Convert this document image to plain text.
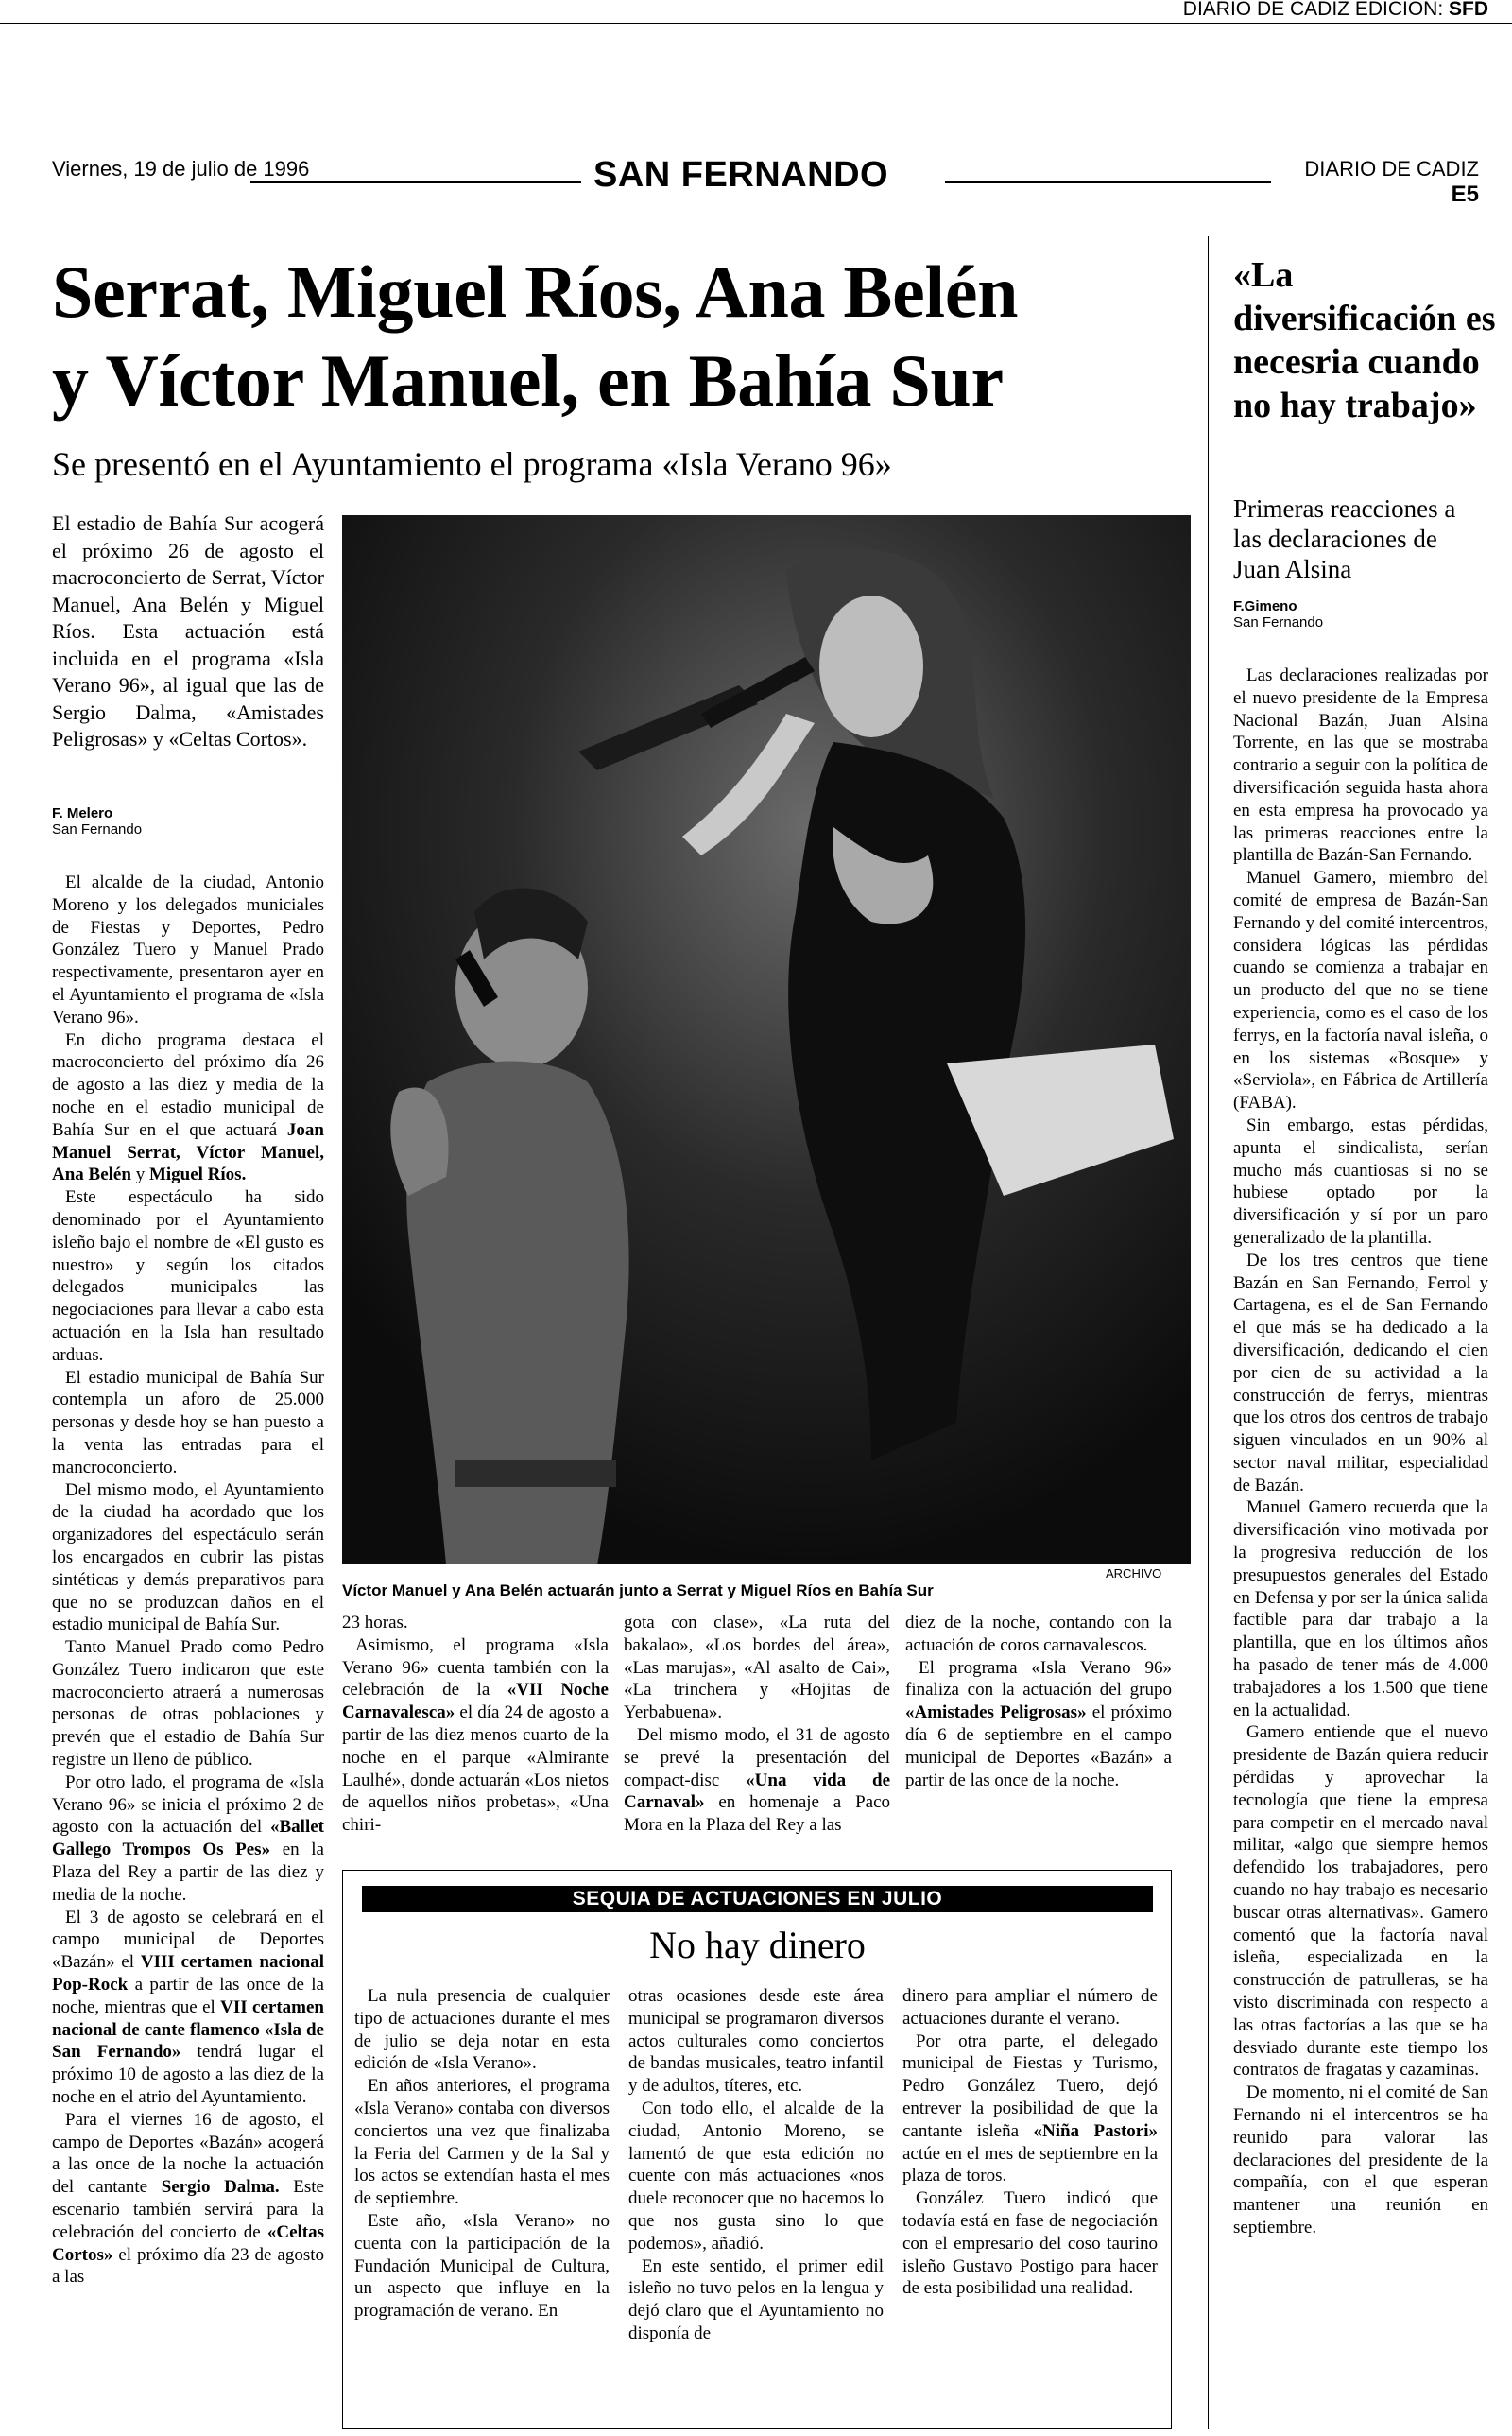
DIARIO DE CADIZ EDICION: SFD
Viernes, 19 de julio de 1996	SAN FERNANDO	DIARIO DE CADIZ E5
Serrat, Miguel Ríos, Ana Belén
y Víctor Manuel, en Bahía Sur
Se presentó en el Ayuntamiento el programa «Isla Verano 96»
El estadio de Bahía Sur acogerá el próximo 26 de agosto el macroconcierto de Serrat, Víctor Manuel, Ana Belén y Miguel Ríos. Esta actuación está incluida en el programa «Isla Verano 96», al igual que las de Sergio Dalma, «Amistades Peligrosas» y «Celtas Cortos».
F. Melero
San Fernando

El alcalde de la ciudad, Antonio Moreno y los delegados municiales de Fiestas y Deportes, Pedro González Tuero y Manuel Prado respectivamente, presentaron ayer en el Ayuntamiento el programa de «Isla Verano 96».

En dicho programa destaca el macroconcierto del próximo día 26 de agosto a las diez y media de la noche en el estadio municipal de Bahía Sur en el que actuará Joan Manuel Serrat, Víctor Manuel, Ana Belén y Miguel Ríos.

Este espectáculo ha sido denominado por el Ayuntamiento isleño bajo el nombre de «El gusto es nuestro» y según los citados delegados municipales las negociaciones para llevar a cabo esta actuación en la Isla han resultado arduas.

El estadio municipal de Bahía Sur contempla un aforo de 25.000 personas y desde hoy se han puesto a la venta las entradas para el mancroconcierto.

Del mismo modo, el Ayuntamiento de la ciudad ha acordado que los organizadores del espectáculo serán los encargados en cubrir las pistas sintéticas y demás preparativos para que no se produzcan daños en el estadio municipal de Bahía Sur.

Tanto Manuel Prado como Pedro González Tuero indicaron que este macroconcierto atraerá a numerosas personas de otras poblaciones y prevén que el estadio de Bahía Sur registre un lleno de público.

Por otro lado, el programa de «Isla Verano 96» se inicia el próximo 2 de agosto con la actuación del «Ballet Gallego Trompos Os Pes» en la Plaza del Rey a partir de las diez y media de la noche.

El 3 de agosto se celebrará en el campo municipal de Deportes «Bazán» el VIII certamen nacional Pop-Rock a partir de las once de la noche, mientras que el VII certamen nacional de cante flamenco «Isla de San Fernando» tendrá lugar el próximo 10 de agosto a las diez de la noche en el atrio del Ayuntamiento.

Para el viernes 16 de agosto, el campo de Deportes «Bazán» acogerá a las once de la noche la actuación del cantante Sergio Dalma. Este escenario también servirá para la celebración del concierto de «Celtas Cortos» el próximo día 23 de agosto a las

ARCHIVO
Víctor Manuel y Ana Belén actuarán junto a Serrat y Miguel Ríos en Bahía Sur

23 horas.

Asimismo, el programa «Isla Verano 96» cuenta también con la celebración de la «VII Noche Carnavalesca» el día 24 de agosto a partir de las diez menos cuarto de la noche en el parque «Almirante Laulhé», donde actuarán «Los nietos de aquellos niños probetas», «Una chiri-

gota con clase», «La ruta del bakalao», «Los bordes del área», «Las marujas», «Al asalto de Cai», «La trinchera y «Hojitas de Yerbabuena».

Del mismo modo, el 31 de agosto se prevé la presentación del compact-disc «Una vida de Carnaval» en homenaje a Paco Mora en la Plaza del Rey a las

diez de la noche, contando con la actuación de coros carnavalescos.

El programa «Isla Verano 96» finaliza con la actuación del grupo «Amistades Peligrosas» el próximo día 6 de septiembre en el campo municipal de Deportes «Bazán» a partir de las once de la noche.

SEQUIA DE ACTUACIONES EN JULIO
No hay dinero

La nula presencia de cualquier tipo de actuaciones durante el mes de julio se deja notar en esta edición de «Isla Verano».

En años anteriores, el programa «Isla Verano» contaba con diversos conciertos una vez que finalizaba la Feria del Carmen y de la Sal y los actos se extendían hasta el mes de septiembre.

Este año, «Isla Verano» no cuenta con la participación de la Fundación Municipal de Cultura, un aspecto que influye en la programación de verano. En

otras ocasiones desde este área municipal se programaron diversos actos culturales como conciertos de bandas musicales, teatro infantil y de adultos, títeres, etc.

Con todo ello, el alcalde de la ciudad, Antonio Moreno, se lamentó de que esta edición no cuente con más actuaciones «nos duele reconocer que no hacemos lo que nos gusta sino lo que podemos», añadió.

En este sentido, el primer edil isleño no tuvo pelos en la lengua y dejó claro que el Ayuntamiento no disponía de

dinero para ampliar el número de actuaciones durante el verano.

Por otra parte, el delegado municipal de Fiestas y Turismo, Pedro González Tuero, dejó entrever la posibilidad de que la cantante isleña «Niña Pastori» actúe en el mes de septiembre en la plaza de toros.

González Tuero indicó que todavía está en fase de negociación con el empresario del coso taurino isleño Gustavo Postigo para hacer de esta posibilidad una realidad.

«La diversificación es necesria cuando no hay trabajo»
Primeras reacciones a las declaraciones de Juan Alsina
F.Gimeno
San Fernando

Las declaraciones realizadas por el nuevo presidente de la Empresa Nacional Bazán, Juan Alsina Torrente, en las que se mostraba contrario a seguir con la política de diversificación seguida hasta ahora en esta empresa ha provocado ya las primeras reacciones entre la plantilla de Bazán-San Fernando.

Manuel Gamero, miembro del comité de empresa de Bazán-San Fernando y del comité intercentros, considera lógicas las pérdidas cuando se comienza a trabajar en un producto del que no se tiene experiencia, como es el caso de los ferrys, en la factoría naval isleña, o en los sistemas «Bosque» y «Serviola», en Fábrica de Artillería (FABA).

Sin embargo, estas pérdidas, apunta el sindicalista, serían mucho más cuantiosas si no se hubiese optado por la diversificación y sí por un paro generalizado de la plantilla.

De los tres centros que tiene Bazán en San Fernando, Ferrol y Cartagena, es el de San Fernando el que más se ha dedicado a la diversificación, dedicando el cien por cien de su actividad a la construcción de ferrys, mientras que los otros dos centros de trabajo siguen vinculados en un 90% al sector naval militar, especialidad de Bazán.

Manuel Gamero recuerda que la diversificación vino motivada por la progresiva reducción de los presupuestos generales del Estado en Defensa y por ser la única salida factible para dar trabajo a la plantilla, que en los últimos años ha pasado de tener más de 4.000 trabajadores a los 1.500 que tiene en la actualidad.

Gamero entiende que el nuevo presidente de Bazán quiera reducir pérdidas y aprovechar la tecnología que tiene la empresa para competir en el mercado naval militar, «algo que siempre hemos defendido los trabajadores, pero cuando no hay trabajo es necesario buscar otras alternativas». Gamero comentó que la factoría naval isleña, especializada en la construcción de patrulleras, se ha visto discriminada con respecto a las otras factorías a las que se ha desviado durante este tiempo los contratos de fragatas y cazaminas.

De momento, ni el comité de San Fernando ni el intercentros se ha reunido para valorar las declaraciones del presidente de la compañía, con el que esperan mantener una reunión en septiembre.
